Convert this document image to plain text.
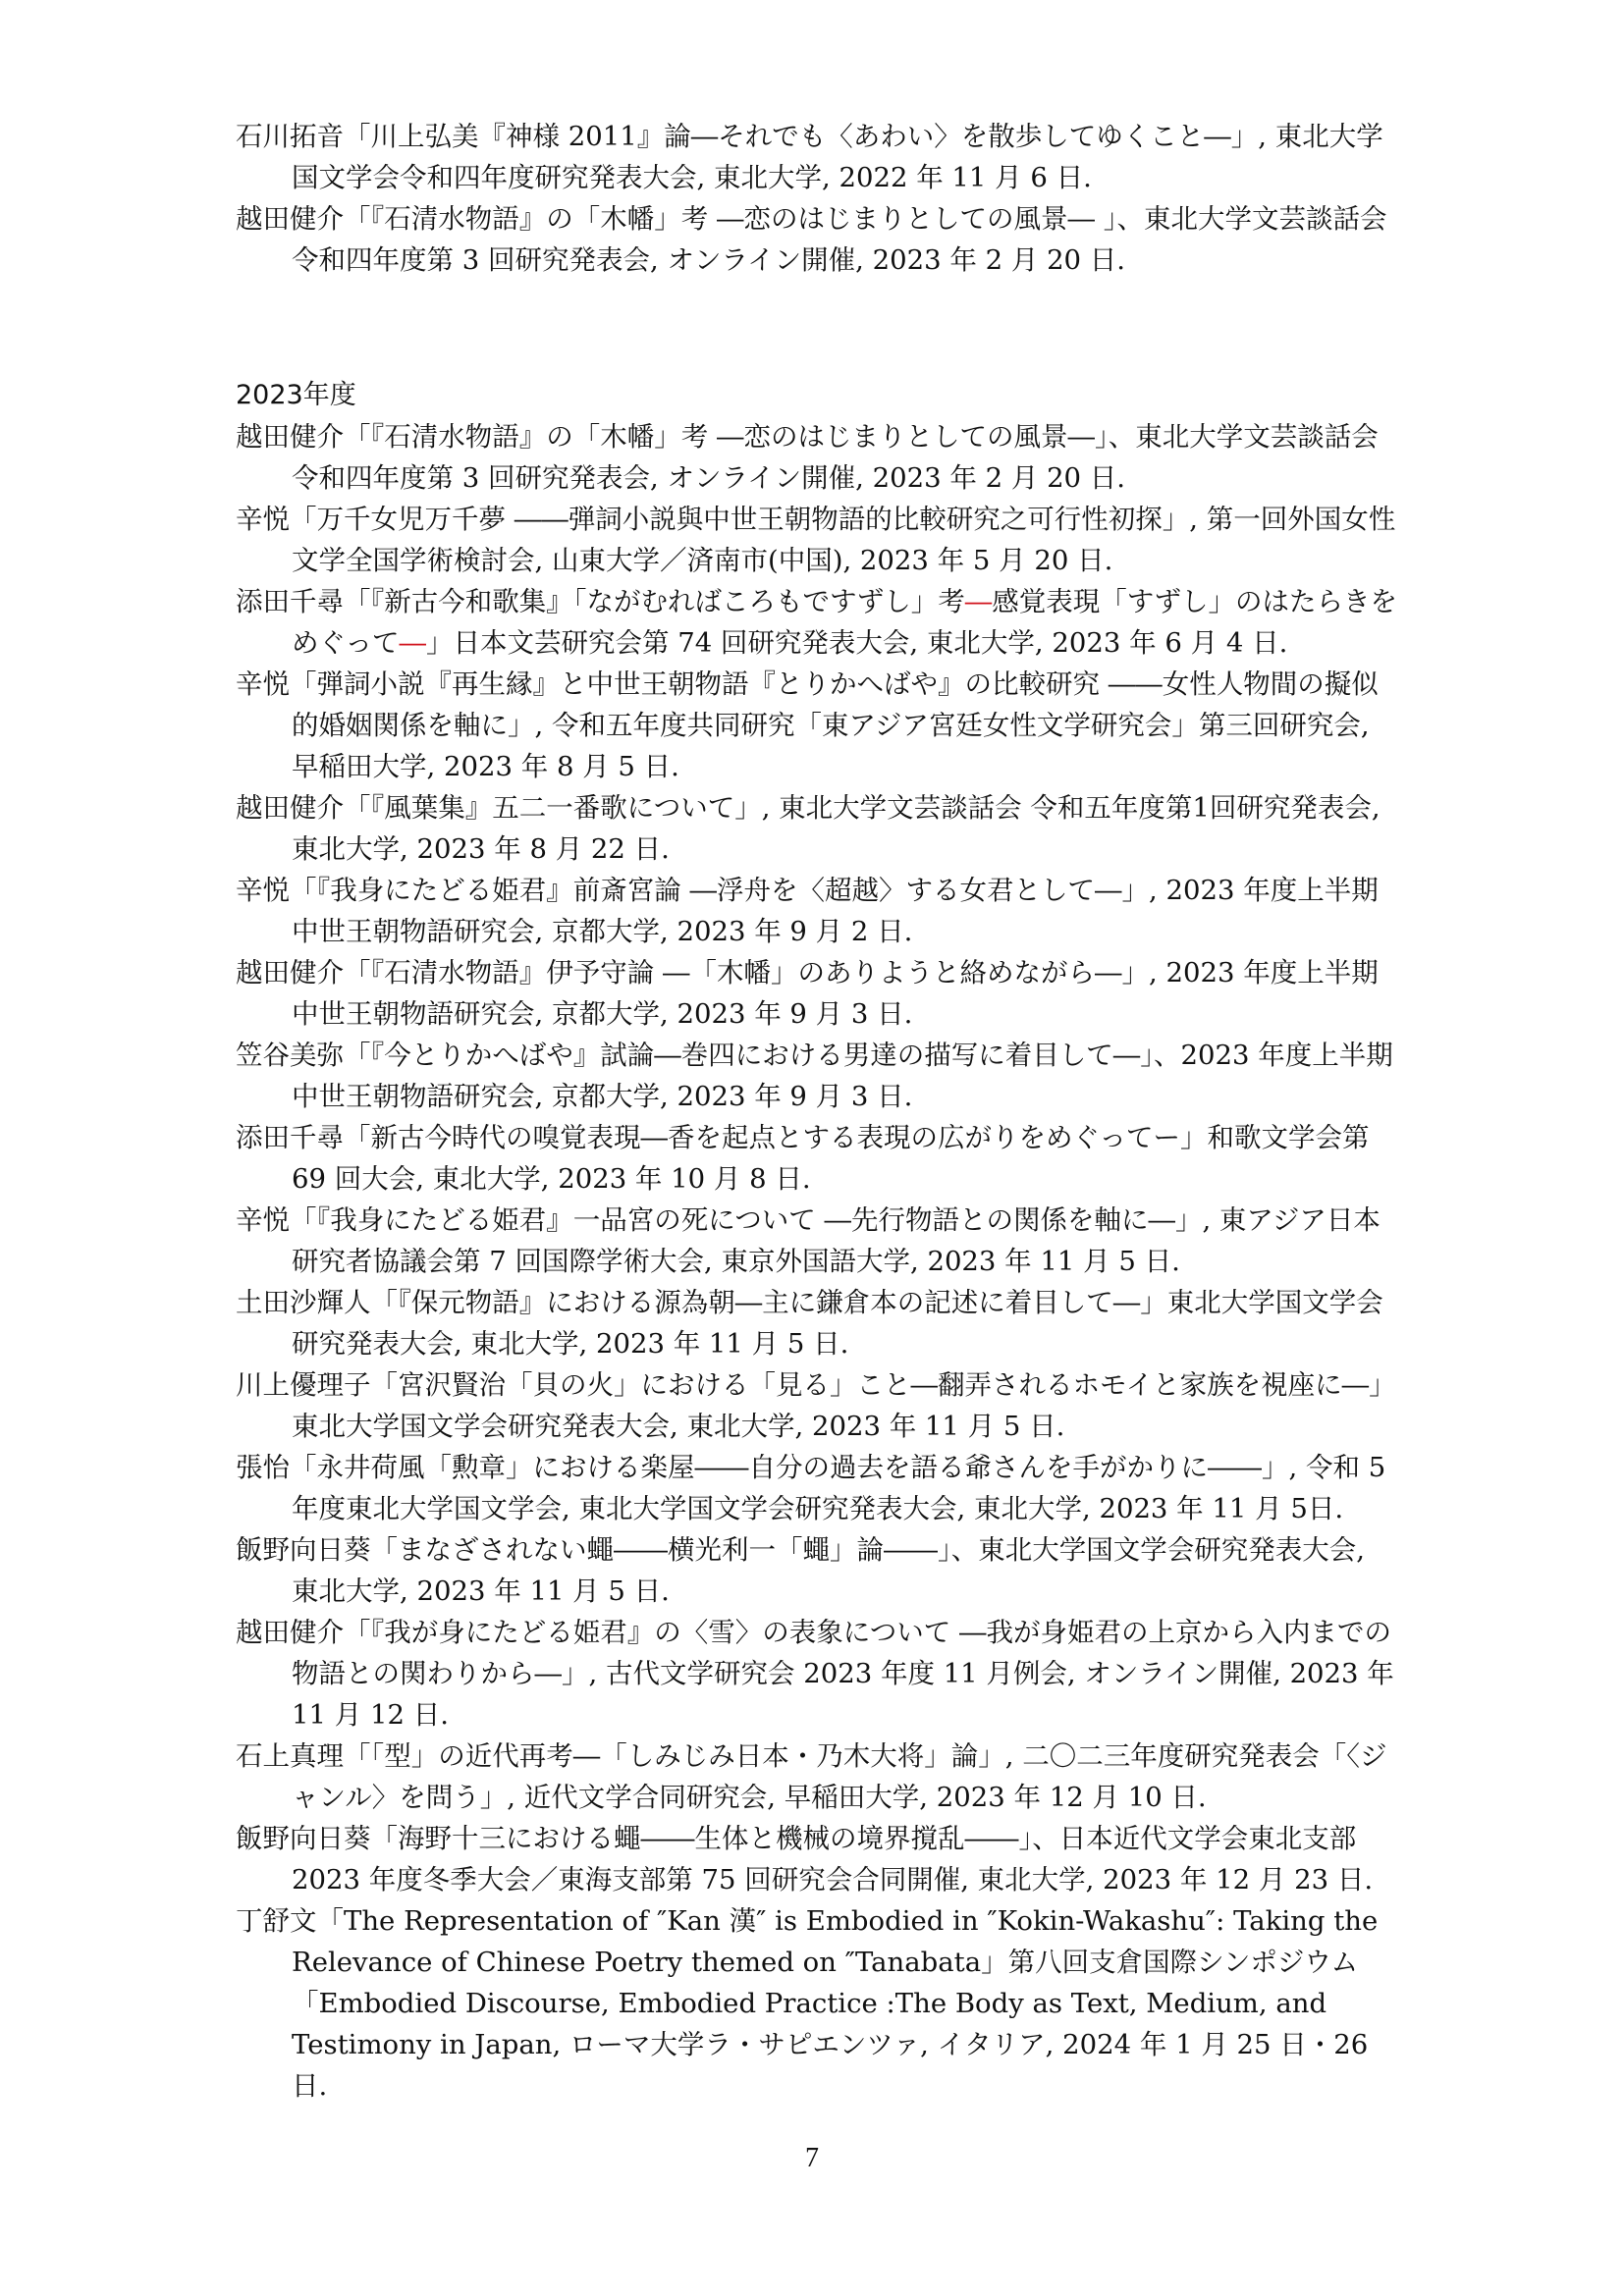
石川拓音「川上弘美『神様 2011』論―それでも〈あわい〉を散歩してゆくこと―」, 東北大学国文学会令和四年度研究発表大会, 東北大学, 2022 年 11 月 6 日.

越田健介「『石清水物語』の「木幡」考 ―恋のはじまりとしての風景― 」、東北大学文芸談話会令和四年度第 3 回研究発表会, オンライン開催, 2023 年 2 月 20 日.

2023年度

越田健介「『石清水物語』の「木幡」考 ―恋のはじまりとしての風景―」、東北大学文芸談話会令和四年度第 3 回研究発表会, オンライン開催, 2023 年 2 月 20 日.

辛悦「万千女児万千夢 ――弾詞小説與中世王朝物語的比較研究之可行性初探」, 第一回外国女性文学全国学術検討会, 山東大学／済南市(中国), 2023 年 5 月 20 日.

添田千尋「『新古今和歌集』「ながむればころもですずし」考―感覚表現「すずし」のはたらきをめぐって―」日本文芸研究会第 74 回研究発表大会, 東北大学, 2023 年 6 月 4 日.

辛悦「弾詞小説『再生縁』と中世王朝物語『とりかへばや』の比較研究 ――女性人物間の擬似的婚姻関係を軸に」, 令和五年度共同研究「東アジア宮廷女性文学研究会」第三回研究会, 早稲田大学, 2023 年 8 月 5 日.

越田健介「『風葉集』五二一番歌について」, 東北大学文芸談話会 令和五年度第1回研究発表会, 東北大学, 2023 年 8 月 22 日.

辛悦「『我身にたどる姫君』前斎宮論 ―浮舟を〈超越〉する女君として―」, 2023 年度上半期中世王朝物語研究会, 京都大学, 2023 年 9 月 2 日.

越田健介「『石清水物語』伊予守論 ―「木幡」のありようと絡めながら―」, 2023 年度上半期中世王朝物語研究会, 京都大学, 2023 年 9 月 3 日.

笠谷美弥「『今とりかへばや』試論―巻四における男達の描写に着目して―」、2023 年度上半期中世王朝物語研究会, 京都大学, 2023 年 9 月 3 日.

添田千尋「新古今時代の嗅覚表現―香を起点とする表現の広がりをめぐってー」和歌文学会第 69 回大会, 東北大学, 2023 年 10 月 8 日.

辛悦「『我身にたどる姫君』一品宮の死について ―先行物語との関係を軸に―」, 東アジア日本研究者協議会第 7 回国際学術大会, 東京外国語大学, 2023 年 11 月 5 日.

土田沙輝人「『保元物語』における源為朝―主に鎌倉本の記述に着目して―」東北大学国文学会研究発表大会, 東北大学, 2023 年 11 月 5 日.

川上優理子「宮沢賢治「貝の火」における「見る」こと―翻弄されるホモイと家族を視座に―」東北大学国文学会研究発表大会, 東北大学, 2023 年 11 月 5 日.

張怡「永井荷風「勲章」における楽屋――自分の過去を語る爺さんを手がかりに――」, 令和 5 年度東北大学国文学会, 東北大学国文学会研究発表大会, 東北大学, 2023 年 11 月 5日.

飯野向日葵「まなざされない蠅――横光利一「蠅」論――」、東北大学国文学会研究発表大会, 東北大学, 2023 年 11 月 5 日.

越田健介「『我が身にたどる姫君』の〈雪〉の表象について ―我が身姫君の上京から入内までの物語との関わりから―」, 古代文学研究会 2023 年度 11 月例会, オンライン開催, 2023 年 11 月 12 日.

石上真理「「型」の近代再考―「しみじみ日本・乃木大将」論」, 二〇二三年度研究発表会「〈ジャンル〉を問う」, 近代文学合同研究会, 早稲田大学, 2023 年 12 月 10 日.

飯野向日葵「海野十三における蠅――生体と機械の境界撹乱――」、日本近代文学会東北支部 2023 年度冬季大会／東海支部第 75 回研究会合同開催, 東北大学, 2023 年 12 月 23 日.

丁舒文「The Representation of ″Kan 漢″ is Embodied in ″Kokin-Wakashu″: Taking the Relevance of Chinese Poetry themed on ″Tanabata」第八回支倉国際シンポジウム「Embodied Discourse, Embodied Practice :The Body as Text, Medium, and Testimony in Japan, ローマ大学ラ・サピエンツァ, イタリア, 2024 年 1 月 25 日・26 日.

7
